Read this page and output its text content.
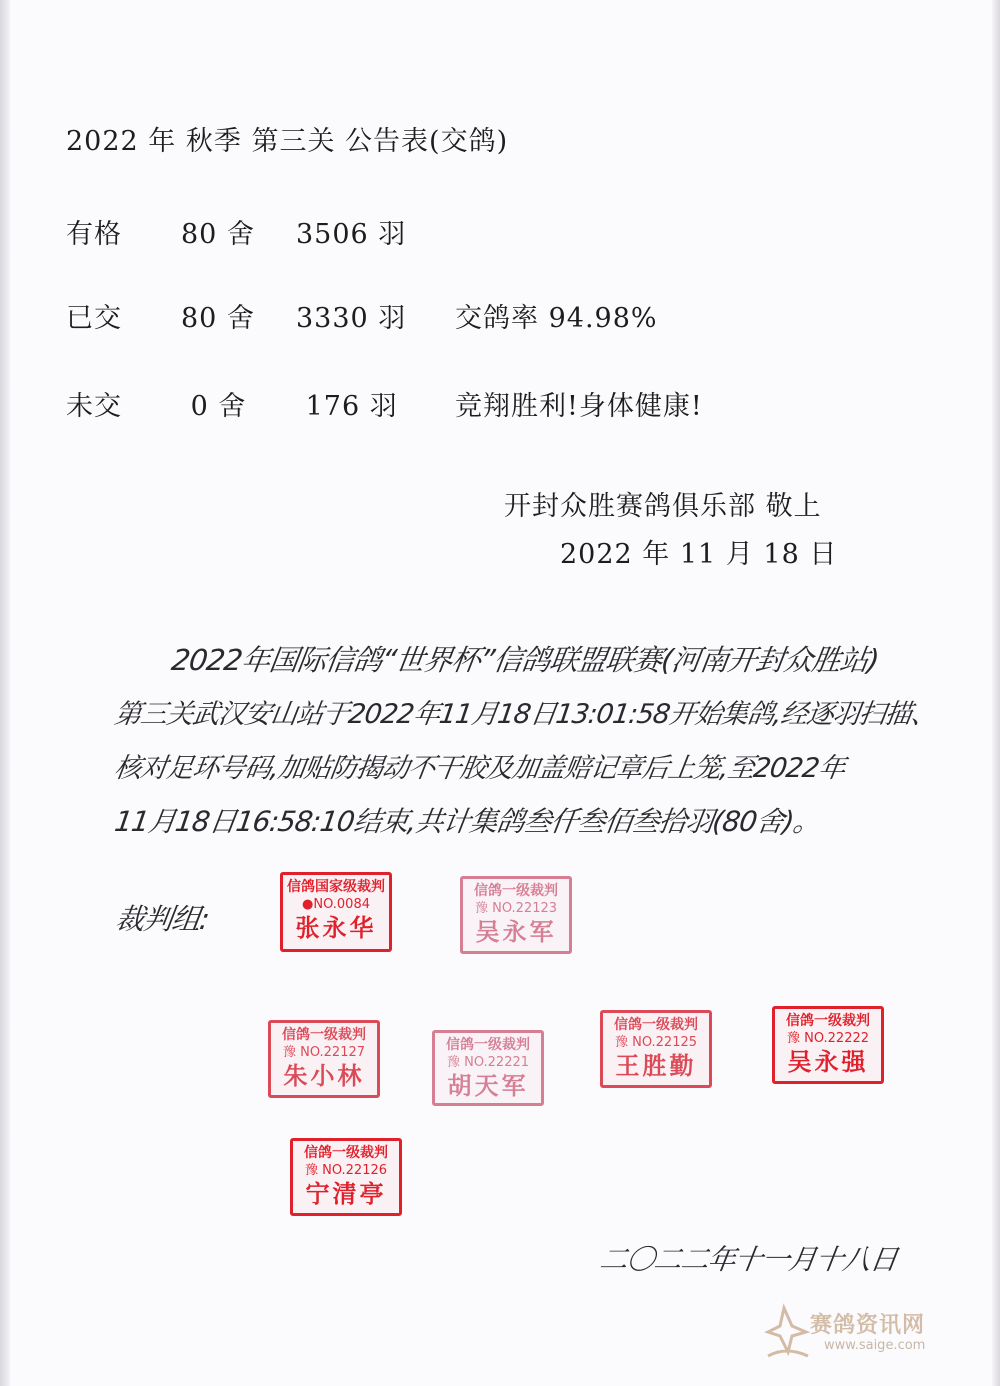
2022 年 秋季 第三关 公告表(交鸽)
有格 80 舍 3506 羽
已交 80 舍 3330 羽 交鸽率 94.98%
未交 0 舍 176 羽 竞翔胜利!身体健康!
开封众胜赛鸽俱乐部 敬上
2022 年 11 月 18 日
2022年国际信鸽“世界杯”信鸽联盟联赛(河南开封众胜站)
第三关武汉安山站于2022年11月18日13:01:58开始集鸽,经逐羽扫描、
核对足环号码,加贴防揭动不干胶及加盖赔记章后上笼,至2022年
11月18日16:58:10结束,共计集鸽叁仟叁佰叁拾羽(80舍)。
裁判组:
信鸽国家级裁判
●NO.0084
张永华
信鸽一级裁判
豫 NO.22123
吴永军
信鸽一级裁判
豫 NO.22127
朱小林
信鸽一级裁判
豫 NO.22221
胡天军
信鸽一级裁判
豫 NO.22125
王胜勤
信鸽一级裁判
豫 NO.22222
吴永强
信鸽一级裁判
豫 NO.22126
宁清亭
二〇二二年十一月十八日
赛鸽资讯网
www.saige.com
